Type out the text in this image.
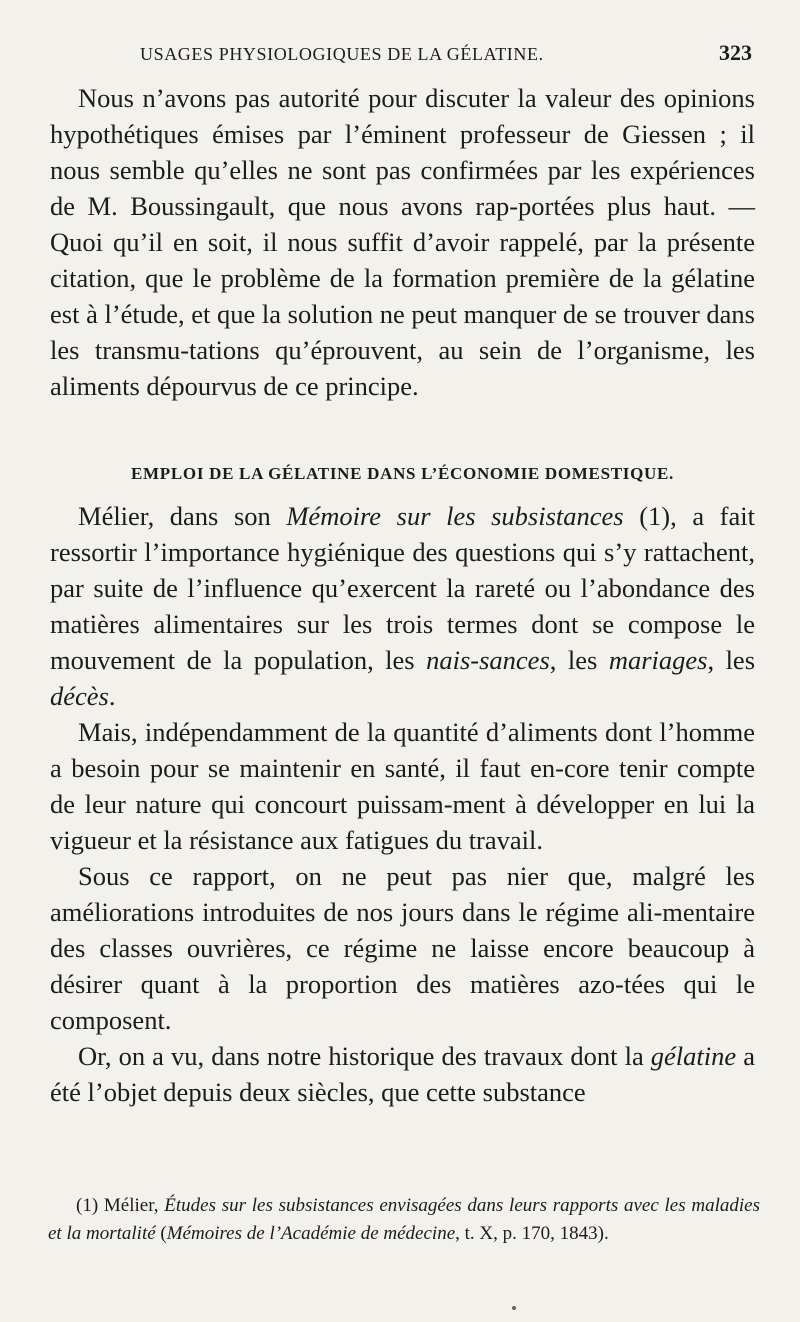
USAGES PHYSIOLOGIQUES DE LA GÉLATINE.	323

Nous n’avons pas autorité pour discuter la valeur des opinions hypothétiques émises par l’éminent professeur de Giessen ; il nous semble qu’elles ne sont pas confirmées par les expériences de M. Boussingault, que nous avons rap-portées plus haut. — Quoi qu’il en soit, il nous suffit d’avoir rappelé, par la présente citation, que le problème de la formation première de la gélatine est à l’étude, et que la solution ne peut manquer de se trouver dans les transmu-tations qu’éprouvent, au sein de l’organisme, les aliments dépourvus de ce principe.

EMPLOI DE LA GÉLATINE DANS L’ÉCONOMIE DOMESTIQUE.

Mélier, dans son Mémoire sur les subsistances (1), a fait ressortir l’importance hygiénique des questions qui s’y rattachent, par suite de l’influence qu’exercent la rareté ou l’abondance des matières alimentaires sur les trois termes dont se compose le mouvement de la population, les nais-sances, les mariages, les décès.

Mais, indépendamment de la quantité d’aliments dont l’homme a besoin pour se maintenir en santé, il faut en-core tenir compte de leur nature qui concourt puissam-ment à développer en lui la vigueur et la résistance aux fatigues du travail.

Sous ce rapport, on ne peut pas nier que, malgré les améliorations introduites de nos jours dans le régime ali-mentaire des classes ouvrières, ce régime ne laisse encore beaucoup à désirer quant à la proportion des matières azo-tées qui le composent.

Or, on a vu, dans notre historique des travaux dont la gélatine a été l’objet depuis deux siècles, que cette substance

(1) Mélier, Études sur les subsistances envisagées dans leurs rapports avec les maladies et la mortalité (Mémoires de l’Académie de médecine, t. X, p. 170, 1843).
